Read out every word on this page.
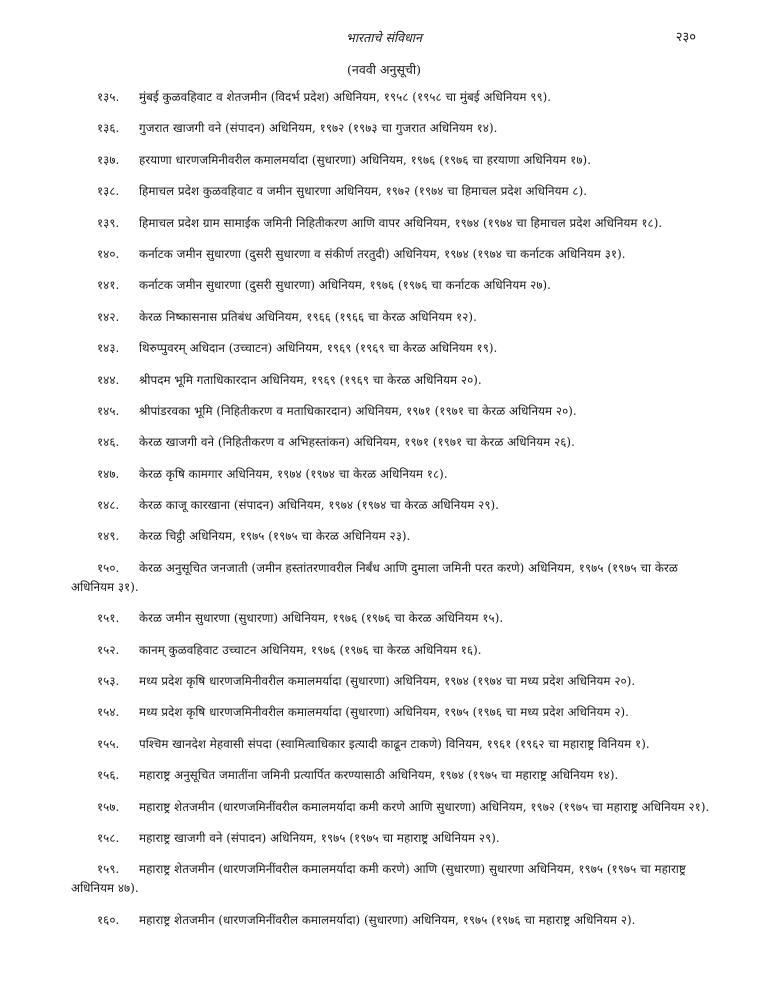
भारताचे संविधान	२३०
(नववी अनुसूची)
१३५. मुंबई कुळवहिवाट व शेतजमीन (विदर्भ प्रदेश) अधिनियम, १९५८ (१९५८ चा मुंबई अधिनियम ९९).
१३६. गुजरात खाजगी वने (संपादन) अधिनियम, १९७२ (१९७३ चा गुजरात अधिनियम १४).
१३७. हरयाणा धारणजमिनीवरील कमालमर्यादा (सुधारणा) अधिनियम, १९७६ (१९७६ चा हरयाणा अधिनियम १७).
१३८. हिमाचल प्रदेश कुळवहिवाट व जमीन सुधारणा अधिनियम, १९७२ (१९७४ चा हिमाचल प्रदेश अधिनियम ८).
१३९. हिमाचल प्रदेश ग्राम सामाईक जमिनी निहितीकरण आणि वापर अधिनियम, १९७४ (१९७४ चा हिमाचल प्रदेश अधिनियम १८).
१४०. कर्नाटक जमीन सुधारणा (दुसरी सुधारणा व संकीर्ण तरतुदी) अधिनियम, १९७४ (१९७४ चा कर्नाटक अधिनियम ३१).
१४१. कर्नाटक जमीन सुधारणा (दुसरी सुधारणा) अधिनियम, १९७६ (१९७६ चा कर्नाटक अधिनियम २७).
१४२. केरळ निष्कासनास प्रतिबंध अधिनियम, १९६६ (१९६६ चा केरळ अधिनियम १२).
१४३. थिरुप्पुवरम् अधिदान (उच्चाटन) अधिनियम, १९६९ (१९६९ चा केरळ अधिनियम १९).
१४४. श्रीपदम भूमि गताधिकारदान अधिनियम, १९६९ (१९६९ चा केरळ अधिनियम २०).
१४५. श्रीपांडरवका भूमि (निहितीकरण व मताधिकारदान) अधिनियम, १९७१ (१९७१ चा केरळ अधिनियम २०).
१४६. केरळ खाजगी वने (निहितीकरण व अभिहस्तांकन) अधिनियम, १९७१ (१९७१ चा केरळ अधिनियम २६).
१४७. केरळ कृषि कामगार अधिनियम, १९७४ (१९७४ चा केरळ अधिनियम १८).
१४८. केरळ काजू कारखाना (संपादन) अधिनियम, १९७४ (१९७४ चा केरळ अधिनियम २९).
१४९. केरळ चिट्ठी अधिनियम, १९७५ (१९७५ चा केरळ अधिनियम २३).
१५०. केरळ अनुसूचित जनजाती (जमीन हस्तांतरणावरील निर्बंध आणि दुमाला जमिनी परत करणे) अधिनियम, १९७५ (१९७५ चा केरळ अधिनियम ३१).
१५१. केरळ जमीन सुधारणा (सुधारणा) अधिनियम, १९७६ (१९७६ चा केरळ अधिनियम १५).
१५२. कानम् कुळवहिवाट उच्चाटन अधिनियम, १९७६ (१९७६ चा केरळ अधिनियम १६).
१५३. मध्य प्रदेश कृषि धारणजमिनीवरील कमालमर्यादा (सुधारणा) अधिनियम, १९७४ (१९७४ चा मध्य प्रदेश अधिनियम २०).
१५४. मध्य प्रदेश कृषि धारणजमिनीवरील कमालमर्यादा (सुधारणा) अधिनियम, १९७५ (१९७६ चा मध्य प्रदेश अधिनियम २).
१५५. पश्चिम खानदेश मेहवासी संपदा (स्वामित्वाधिकार इत्यादी काढून टाकणे) विनियम, १९६१ (१९६२ चा महाराष्ट्र विनियम १).
१५६. महाराष्ट्र अनुसूचित जमातींना जमिनी प्रत्यार्पित करण्यासाठी अधिनियम, १९७४ (१९७५ चा महाराष्ट्र अधिनियम १४).
१५७. महाराष्ट्र शेतजमीन (धारणजमिनींवरील कमालमर्यादा कमी करणे आणि सुधारणा) अधिनियम, १९७२ (१९७५ चा महाराष्ट्र अधिनियम २१).
१५८. महाराष्ट्र खाजगी वने (संपादन) अधिनियम, १९७५ (१९७५ चा महाराष्ट्र अधिनियम २९).
१५९. महाराष्ट्र शेतजमीन (धारणजमिनींवरील कमालमर्यादा कमी करणे) आणि (सुधारणा) सुधारणा अधिनियम, १९७५ (१९७५ चा महाराष्ट्र अधिनियम ४७).
१६०. महाराष्ट्र शेतजमीन (धारणजमिनींवरील कमालमर्यादा) (सुधारणा) अधिनियम, १९७५ (१९७६ चा महाराष्ट्र अधिनियम २).
